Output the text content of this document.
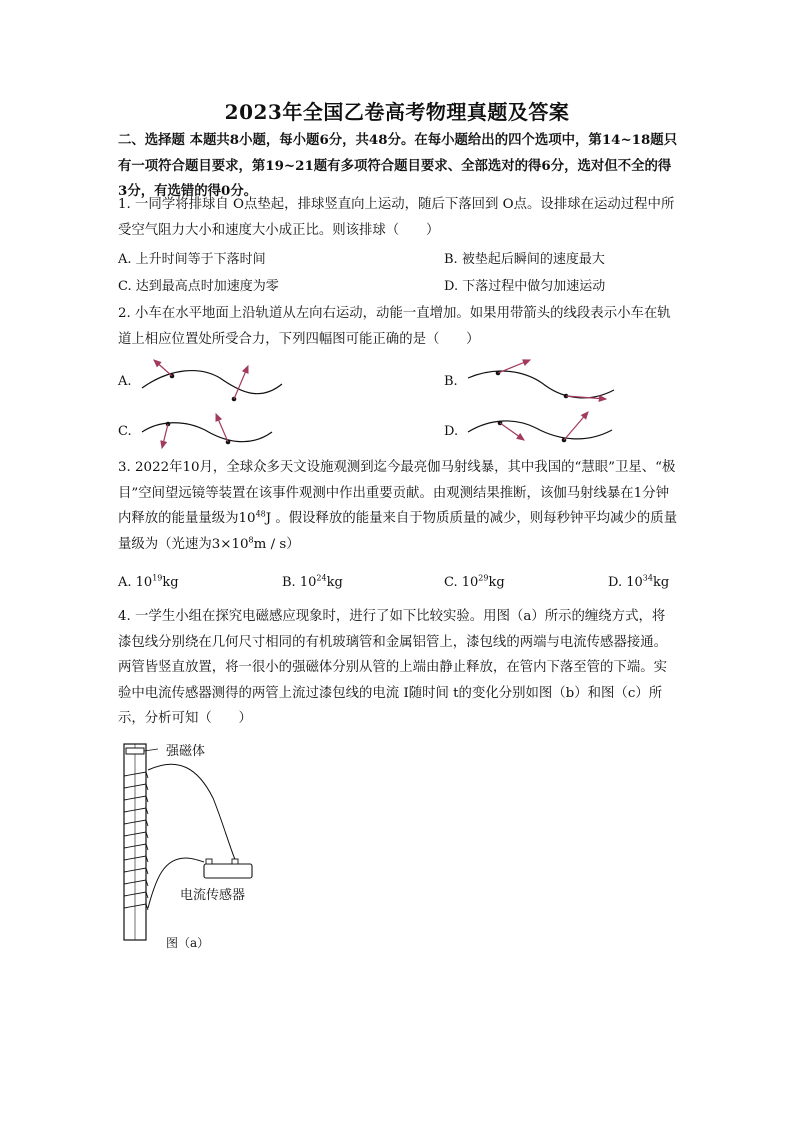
2023年全国乙卷高考物理真题及答案
二、选择题 本题共8小题，每小题6分，共48分。在每小题给出的四个选项中，第14~18题只有一项符合题目要求，第19~21题有多项符合题目要求、全部选对的得6分，选对但不全的得3分，有选错的得0分。
1. 一同学将排球自 O点垫起，排球竖直向上运动，随后下落回到 O点。设排球在运动过程中所受空气阻力大小和速度大小成正比。则该排球（　　）
A. 上升时间等于下落时间	B. 被垫起后瞬间的速度最大
C. 达到最高点时加速度为零	D. 下落过程中做匀加速运动
2. 小车在水平地面上沿轨道从左向右运动，动能一直增加。如果用带箭头的线段表示小车在轨道上相应位置处所受合力，下列四幅图可能正确的是（　　）
A.	B.
C.	D.
3. 2022年10月，全球众多天文设施观测到迄今最亮伽马射线暴，其中我国的“慧眼”卫星、“极目”空间望远镜等装置在该事件观测中作出重要贡献。由观测结果推断，该伽马射线暴在1分钟内释放的能量量级为$10^{48}J$ 。假设释放的能量来自于物质质量的减少，则每秒钟平均减少的质量量级为（光速为$3\times 10^8m / s$）
A. $10^{19}kg$	B. $10^{24}kg$	C. $10^{29}kg$	D. $10^{34}kg$
4. 一学生小组在探究电磁感应现象时，进行了如下比较实验。用图（a）所示的缠绕方式，将漆包线分别绕在几何尺寸相同的有机玻璃管和金属铝管上，漆包线的两端与电流传感器接通。两管皆竖直放置，将一很小的强磁体分别从管的上端由静止释放，在管内下落至管的下端。实验中电流传感器测得的两管上流过漆包线的电流 I随时间 t的变化分别如图（b）和图（c）所示，分析可知（　　）
强磁体
电流传感器
图（a）
